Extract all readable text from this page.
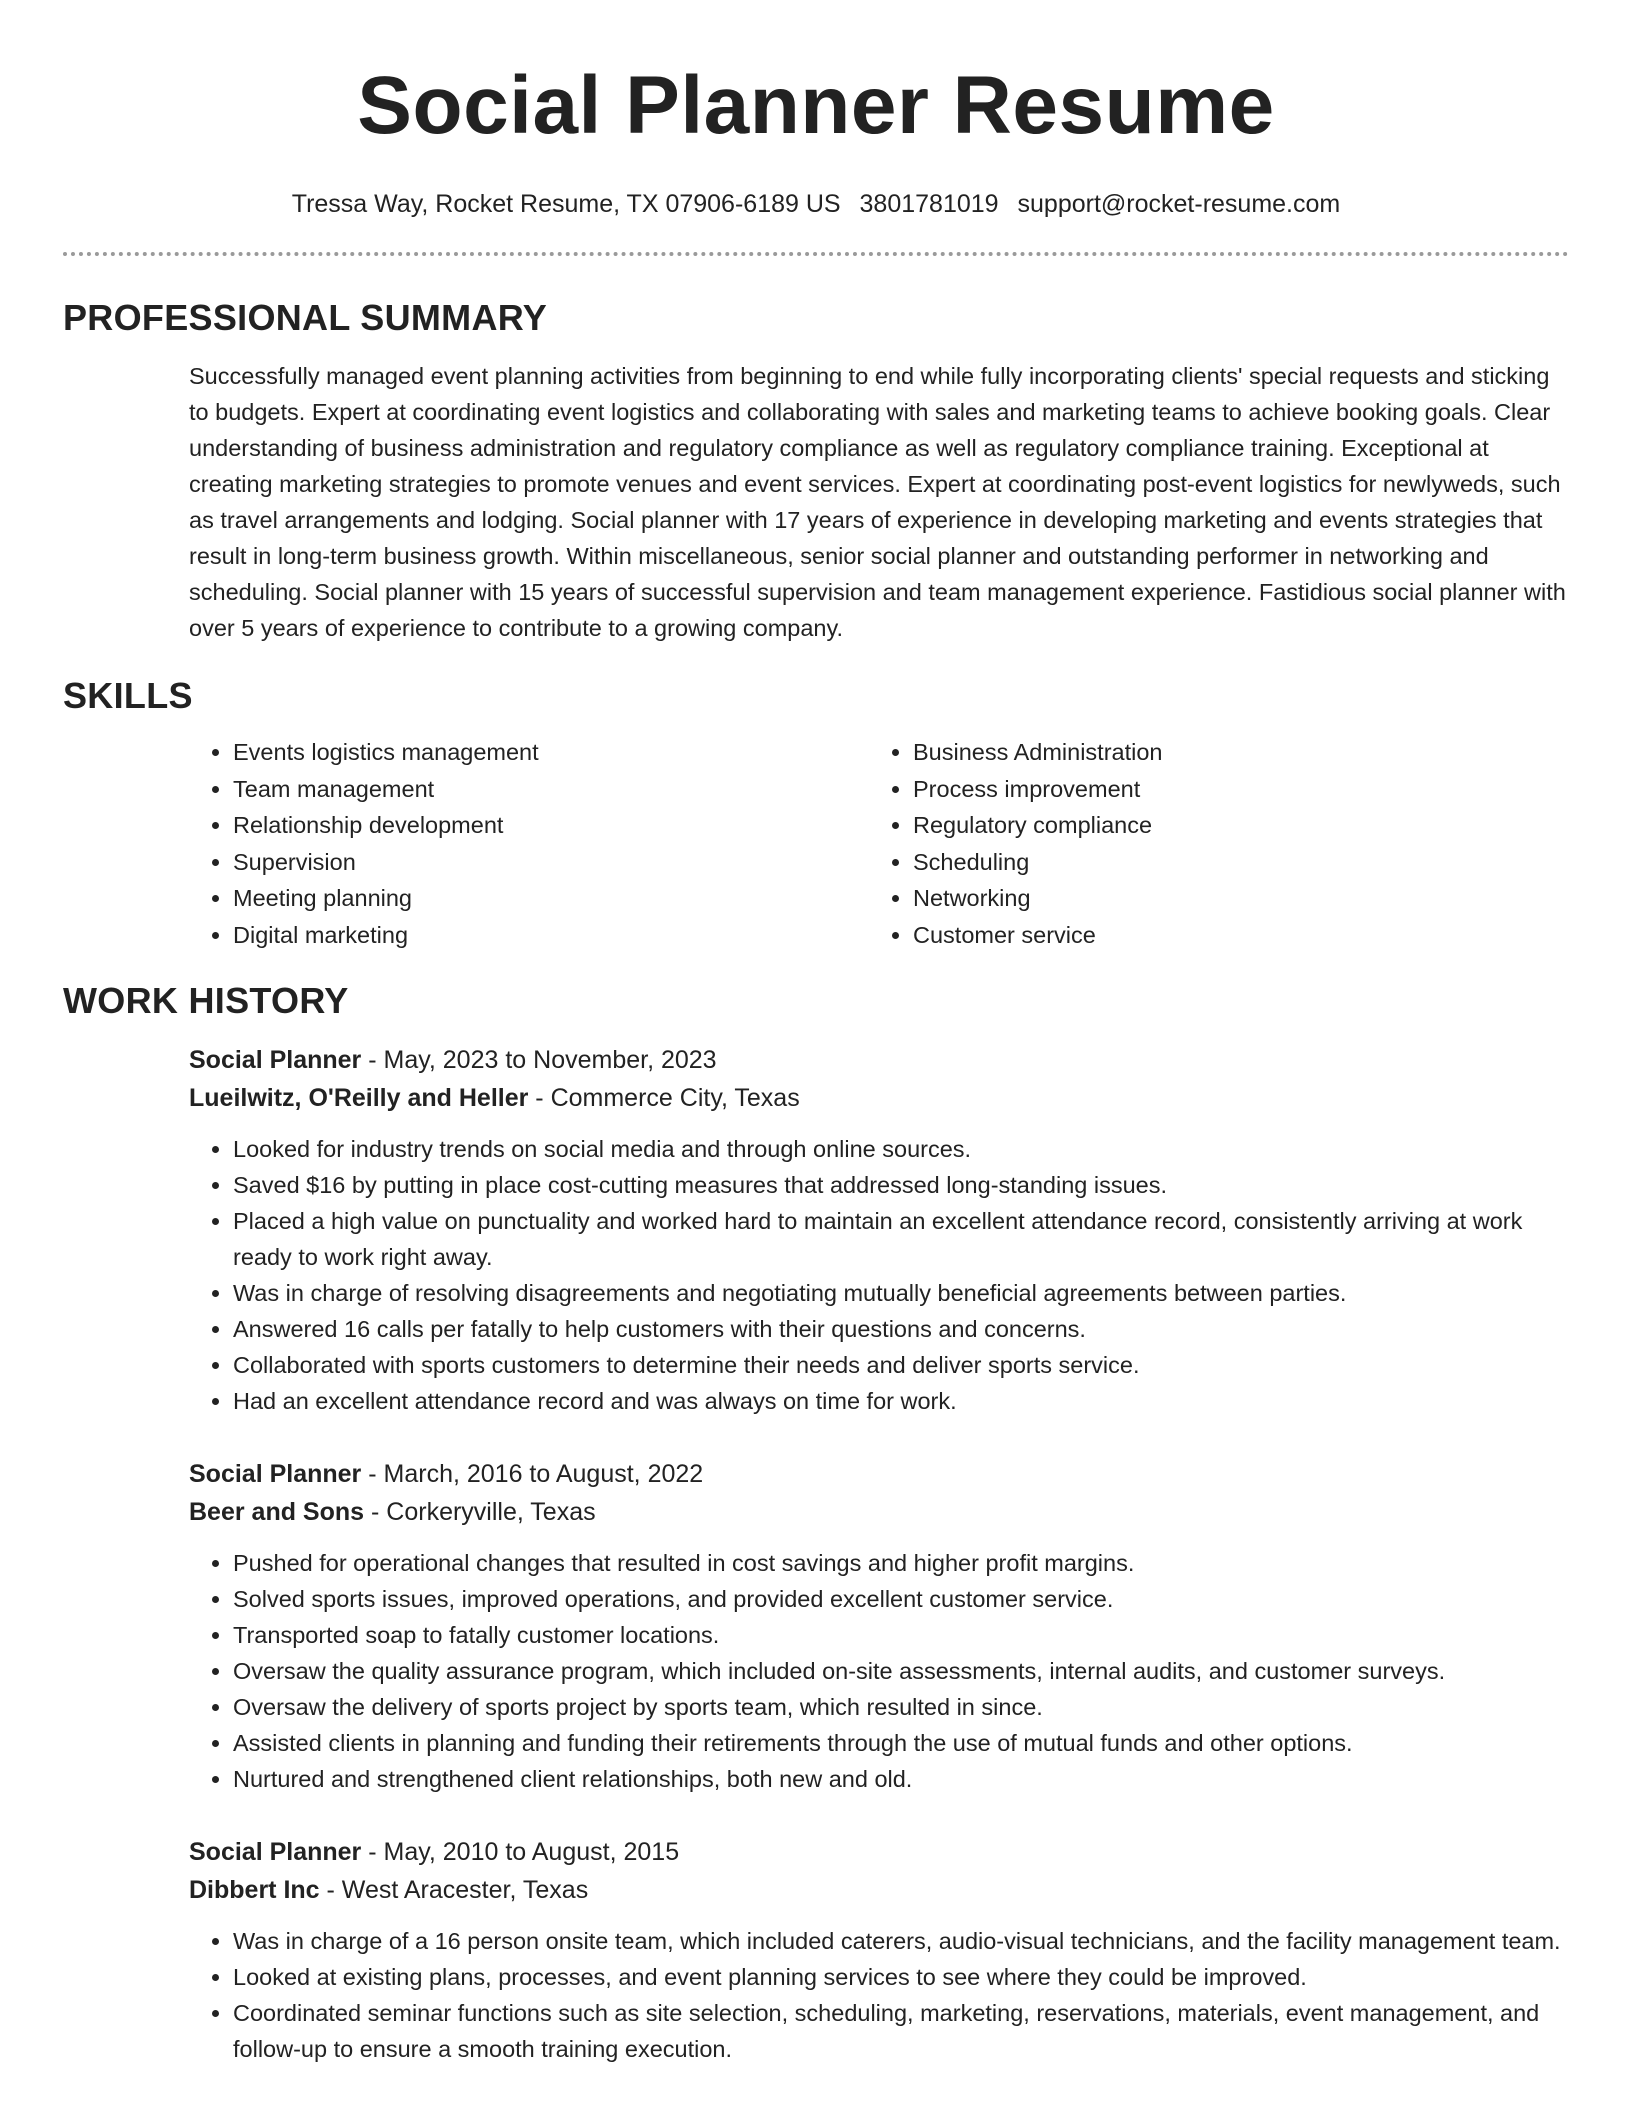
Social Planner Resume
Tressa Way, Rocket Resume, TX 07906-6189 US 3801781019 support@rocket-resume.com
PROFESSIONAL SUMMARY

Successfully managed event planning activities from beginning to end while fully incorporating clients' special requests and sticking to budgets. Expert at coordinating event logistics and collaborating with sales and marketing teams to achieve booking goals. Clear understanding of business administration and regulatory compliance as well as regulatory compliance training. Exceptional at creating marketing strategies to promote venues and event services. Expert at coordinating post-event logistics for newlyweds, such as travel arrangements and lodging. Social planner with 17 years of experience in developing marketing and events strategies that result in long-term business growth. Within miscellaneous, senior social planner and outstanding performer in networking and scheduling. Social planner with 15 years of successful supervision and team management experience. Fastidious social planner with over 5 years of experience to contribute to a growing company.

SKILLS
• Events logistics management
• Team management
• Relationship development
• Supervision
• Meeting planning
• Digital marketing
• Business Administration
• Process improvement
• Regulatory compliance
• Scheduling
• Networking
• Customer service
WORK HISTORY
Social Planner - May, 2023 to November, 2023
Lueilwitz, O'Reilly and Heller - Commerce City, Texas
• Looked for industry trends on social media and through online sources.
• Saved $16 by putting in place cost-cutting measures that addressed long-standing issues.
• Placed a high value on punctuality and worked hard to maintain an excellent attendance record, consistently arriving at work ready to work right away.
• Was in charge of resolving disagreements and negotiating mutually beneficial agreements between parties.
• Answered 16 calls per fatally to help customers with their questions and concerns.
• Collaborated with sports customers to determine their needs and deliver sports service.
• Had an excellent attendance record and was always on time for work.
Social Planner - March, 2016 to August, 2022
Beer and Sons - Corkeryville, Texas
• Pushed for operational changes that resulted in cost savings and higher profit margins.
• Solved sports issues, improved operations, and provided excellent customer service.
• Transported soap to fatally customer locations.
• Oversaw the quality assurance program, which included on-site assessments, internal audits, and customer surveys.
• Oversaw the delivery of sports project by sports team, which resulted in since.
• Assisted clients in planning and funding their retirements through the use of mutual funds and other options.
• Nurtured and strengthened client relationships, both new and old.
Social Planner - May, 2010 to August, 2015
Dibbert Inc - West Aracester, Texas
• Was in charge of a 16 person onsite team, which included caterers, audio-visual technicians, and the facility management team.
• Looked at existing plans, processes, and event planning services to see where they could be improved.
• Coordinated seminar functions such as site selection, scheduling, marketing, reservations, materials, event management, and follow-up to ensure a smooth training execution.
